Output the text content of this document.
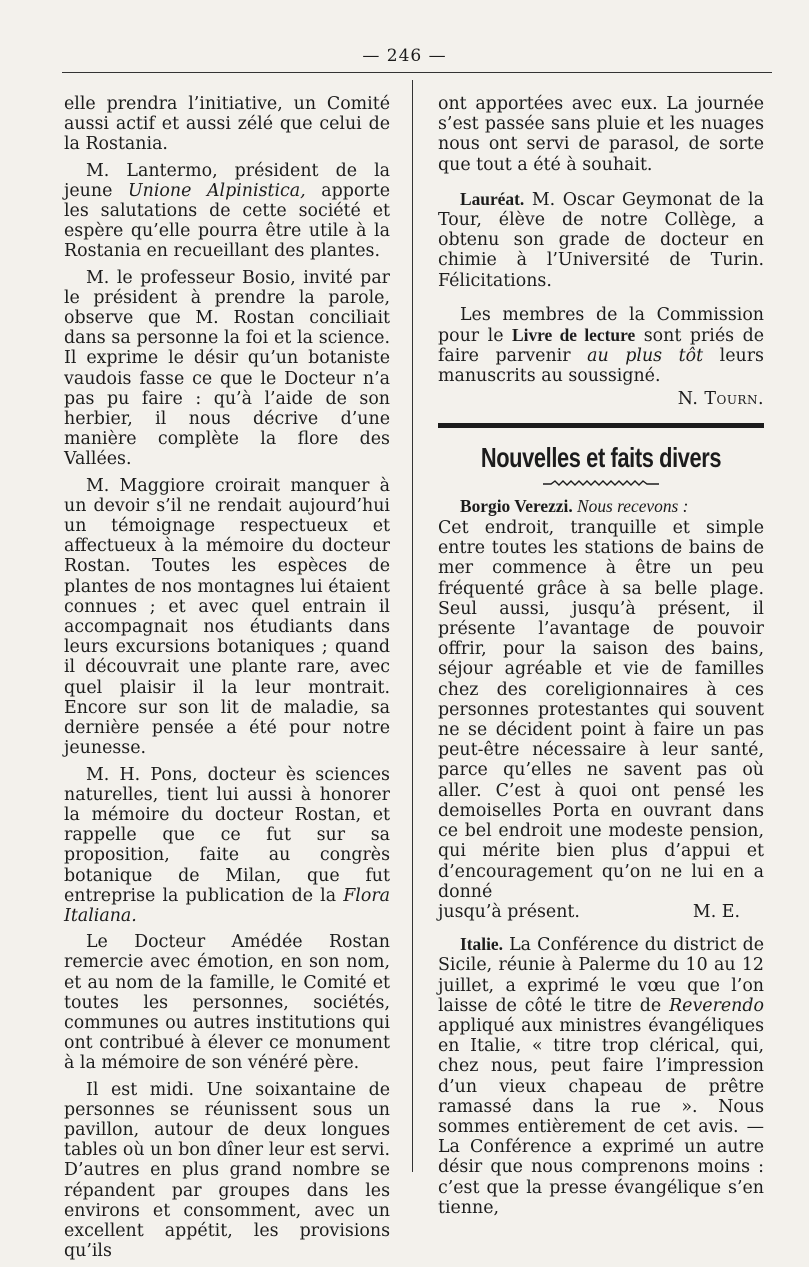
— 246 —

elle prendra l’initiative, un Comité aussi actif et aussi zélé que celui de la Rostania.

M. Lantermo, président de la jeune Unione Alpinistica, apporte les salutations de cette société et espère qu’elle pourra être utile à la Rostania en recueillant des plantes.

M. le professeur Bosio, invité par le président à prendre la parole, observe que M. Rostan conciliait dans sa personne la foi et la science. Il exprime le désir qu’un botaniste vaudois fasse ce que le Docteur n’a pas pu faire : qu’à l’aide de son herbier, il nous décrive d’une manière complète la flore des Vallées.

M. Maggiore croirait manquer à un devoir s’il ne rendait aujourd’hui un témoignage respectueux et affectueux à la mémoire du docteur Rostan. Toutes les espèces de plantes de nos montagnes lui étaient connues ; et avec quel entrain il accompagnait nos étudiants dans leurs excursions botaniques ; quand il découvrait une plante rare, avec quel plaisir il la leur montrait. Encore sur son lit de maladie, sa dernière pensée a été pour notre jeunesse.

M. H. Pons, docteur ès sciences naturelles, tient lui aussi à honorer la mémoire du docteur Rostan, et rappelle que ce fut sur sa proposition, faite au congrès botanique de Milan, que fut entreprise la publication de la Flora Italiana.

Le Docteur Amédée Rostan remercie avec émotion, en son nom, et au nom de la famille, le Comité et toutes les personnes, sociétés, communes ou autres institutions qui ont contribué à élever ce monument à la mémoire de son vénéré père.

Il est midi. Une soixantaine de personnes se réunissent sous un pavillon, autour de deux longues tables où un bon dîner leur est servi. D’autres en plus grand nombre se répandent par groupes dans les environs et consomment, avec un excellent appétit, les provisions qu’ils

ont apportées avec eux. La journée s’est passée sans pluie et les nuages nous ont servi de parasol, de sorte que tout a été à souhait.

Lauréat. M. Oscar Geymonat de la Tour, élève de notre Collège, a obtenu son grade de docteur en chimie à l’Université de Turin. Félicitations.

Les membres de la Commission pour le Livre de lecture sont priés de faire parvenir au plus tôt leurs manuscrits au soussigné.

N. Tourn.
Nouvelles et faits divers

Borgio Verezzi. Nous recevons :
Cet endroit, tranquille et simple entre toutes les stations de bains de mer commence à être un peu fréquenté grâce à sa belle plage. Seul aussi, jusqu’à présent, il présente l’avantage de pouvoir offrir, pour la saison des bains, séjour agréable et vie de familles chez des coreligionnaires à ces personnes protestantes qui souvent ne se décident point à faire un pas peut-être nécessaire à leur santé, parce qu’elles ne savent pas où aller. C’est à quoi ont pensé les demoiselles Porta en ouvrant dans ce bel endroit une modeste pension, qui mérite bien plus d’appui et d’encouragement qu’on ne lui en a donné

jusqu’à présent.	M. E.

Italie. La Conférence du district de Sicile, réunie à Palerme du 10 au 12 juillet, a exprimé le vœu que l’on laisse de côté le titre de Reverendo appliqué aux ministres évangéliques en Italie, « titre trop clérical, qui, chez nous, peut faire l’impression d’un vieux chapeau de prêtre ramassé dans la rue ». Nous sommes entièrement de cet avis. — La Conférence a exprimé un autre désir que nous comprenons moins : c’est que la presse évangélique s’en tienne,
